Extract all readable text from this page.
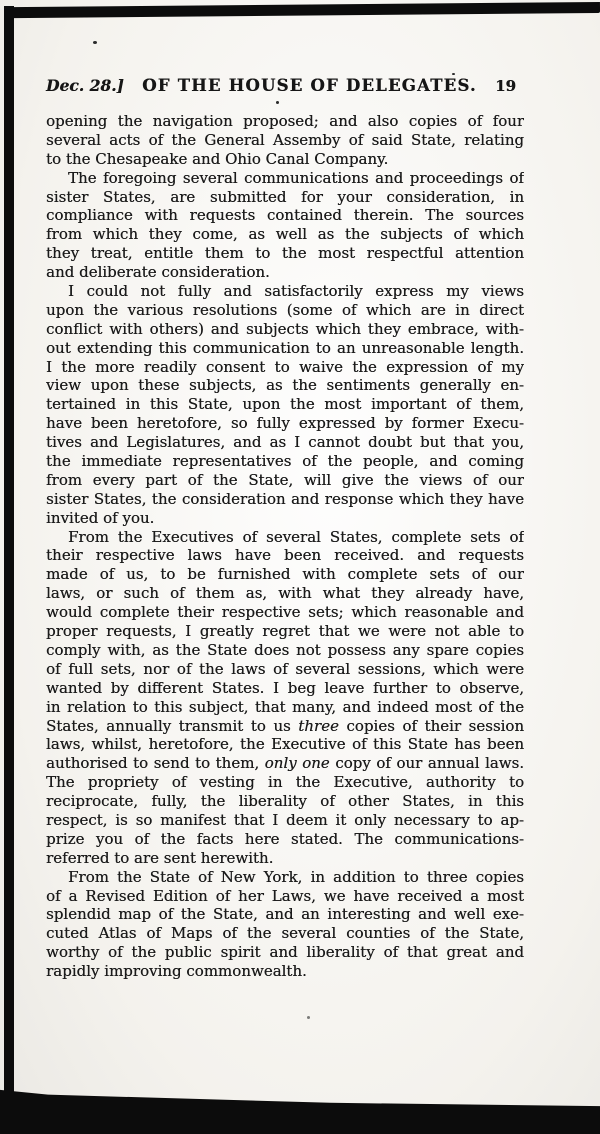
Dec. 28.]	OF THE HOUSE OF DELEGATES.	19
opening the navigation proposed; and also copies of four
several acts of the General Assemby of said State, relating
to the Chesapeake and Ohio Canal Company.
The foregoing several communications and proceedings of
sister States, are submitted for your consideration, in
compliance with requests contained therein. The sources
from which they come, as well as the subjects of which
they treat, entitle them to the most respectful attention
and deliberate consideration.
I could not fully and satisfactorily express my views
upon the various resolutions (some of which are in direct
conflict with others) and subjects which they embrace, with-
out extending this communication to an unreasonable length.
I the more readily consent to waive the expression of my
view upon these subjects, as the sentiments generally en-
tertained in this State, upon the most important of them,
have been heretofore, so fully expressed by former Execu-
tives and Legislatures, and as I cannot doubt but that you,
the immediate representatives of the people, and coming
from every part of the State, will give the views of our
sister States, the consideration and response which they have
invited of you.
From the Executives of several States, complete sets of
their respective laws have been received. and requests
made of us, to be furnished with complete sets of our
laws, or such of them as, with what they already have,
would complete their respective sets; which reasonable and
proper requests, I greatly regret that we were not able to
comply with, as the State does not possess any spare copies
of full sets, nor of the laws of several sessions, which were
wanted by different States. I beg leave further to observe,
in relation to this subject, that many, and indeed most of the
States, annually transmit to us three copies of their session
laws, whilst, heretofore, the Executive of this State has been
authorised to send to them, only one copy of our annual laws.
The propriety of vesting in the Executive, authority to
reciprocate, fully, the liberality of other States, in this
respect, is so manifest that I deem it only necessary to ap-
prize you of the facts here stated. The communications-
referred to are sent herewith.
From the State of New York, in addition to three copies
of a Revised Edition of her Laws, we have received a most
splendid map of the State, and an interesting and well exe-
cuted Atlas of Maps of the several counties of the State,
worthy of the public spirit and liberality of that great and
rapidly improving commonwealth.
